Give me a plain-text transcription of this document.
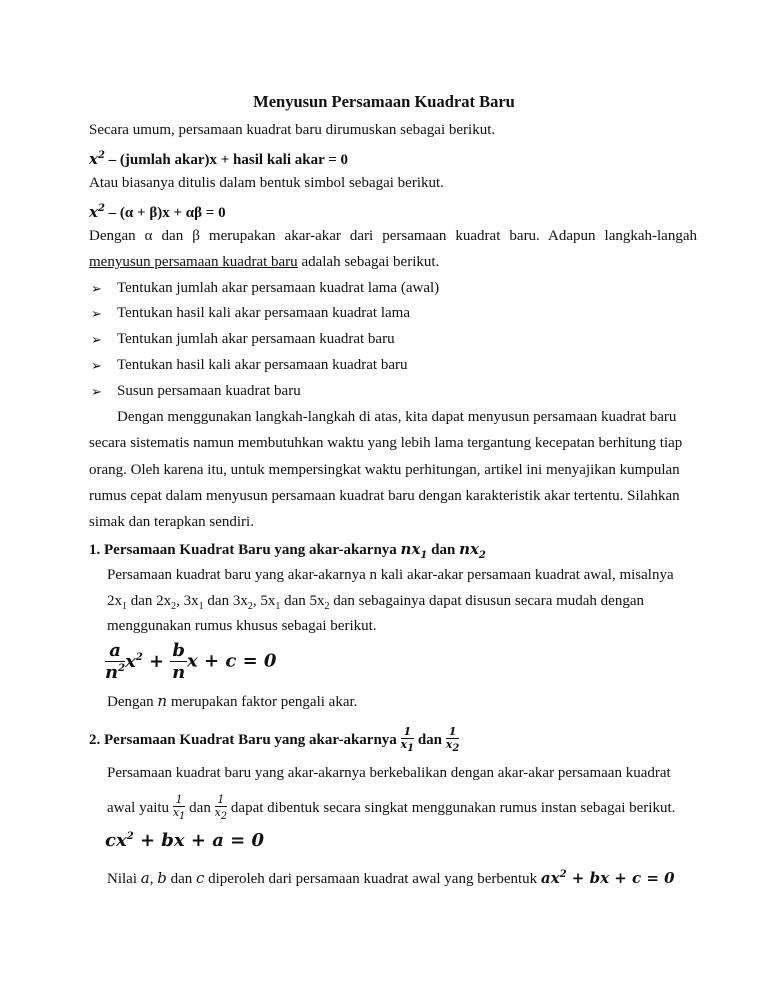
Menyusun Persamaan Kuadrat Baru
Secara umum, persamaan kuadrat baru dirumuskan sebagai berikut.
$x^2$ – (jumlah akar)x + hasil kali akar = 0
Atau biasanya ditulis dalam bentuk simbol sebagai berikut.
$x^2 - (\alpha + \beta)x + \alpha\beta = 0$
Dengan α dan β merupakan akar-akar dari persamaan kuadrat baru. Adapun langkah-langah
menyusun persamaan kuadrat baru adalah sebagai berikut.
➢ Tentukan jumlah akar persamaan kuadrat lama (awal)
➢ Tentukan hasil kali akar persamaan kuadrat lama
➢ Tentukan jumlah akar persamaan kuadrat baru
➢ Tentukan hasil kali akar persamaan kuadrat baru
➢ Susun persamaan kuadrat baru
Dengan menggunakan langkah-langkah di atas, kita dapat menyusun persamaan kuadrat baru
secara sistematis namun membutuhkan waktu yang lebih lama tergantung kecepatan berhitung tiap
orang. Oleh karena itu, untuk mempersingkat waktu perhitungan, artikel ini menyajikan kumpulan
rumus cepat dalam menyusun persamaan kuadrat baru dengan karakteristik akar tertentu. Silahkan
simak dan terapkan sendiri.
1. Persamaan Kuadrat Baru yang akar-akarnya $nx_1$ dan $nx_2$
Persamaan kuadrat baru yang akar-akarnya n kali akar-akar persamaan kuadrat awal, misalnya
$2x_1$ dan $2x_2$, $3x_1$ dan $3x_2$, $5x_1$ dan $5x_2$ dan sebagainya dapat disusun secara mudah dengan
menggunakan rumus khusus sebagai berikut.
$\frac{a}{n^2} x^2 + \frac{b}{n}$ x + c = 0
Dengan n merupakan faktor pengali akar.
2. Persamaan Kuadrat Baru yang akar-akarnya $\frac{1}{x_1}$ dan $\frac{1}{x_2}$
Persamaan kuadrat baru yang akar-akarnya berkebalikan dengan akar-akar persamaan kuadrat
awal yaitu $\frac{1}{x_1}$ dan $\frac{1}{x_2}$ dapat dibentuk secara singkat menggunakan rumus instan sebagai berikut.
$cx^2$ + bx + a = 0
Nilai a, b dan c diperoleh dari persamaan kuadrat awal yang berbentuk $ax^2$ + bx + c = 0
